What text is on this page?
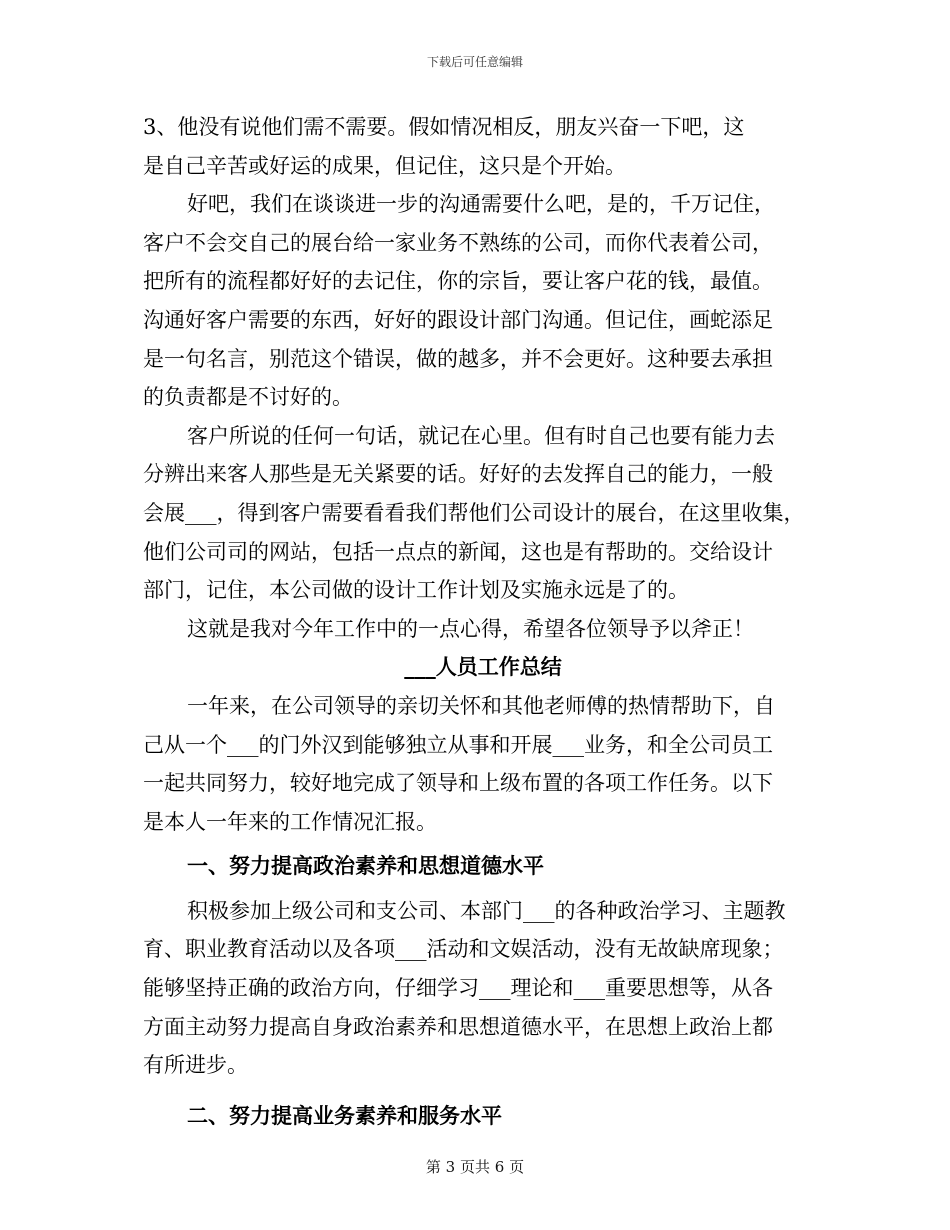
下载后可任意编辑
3、他没有说他们需不需要。假如情况相反，朋友兴奋一下吧，这
是自己辛苦或好运的成果，但记住，这只是个开始。
好吧，我们在谈谈进一步的沟通需要什么吧，是的，千万记住，
客户不会交自己的展台给一家业务不熟练的公司，而你代表着公司，
把所有的流程都好好的去记住，你的宗旨，要让客户花的钱，最值。
沟通好客户需要的东西，好好的跟设计部门沟通。但记住，画蛇添足
是一句名言，别范这个错误，做的越多，并不会更好。这种要去承担
的负责都是不讨好的。
客户所说的任何一句话，就记在心里。但有时自己也要有能力去
分辨出来客人那些是无关紧要的话。好好的去发挥自己的能力，一般
会展___，得到客户需要看看我们帮他们公司设计的展台，在这里收集，
他们公司司的网站，包括一点点的新闻，这也是有帮助的。交给设计
部门，记住，本公司做的设计工作计划及实施永远是了的。
这就是我对今年工作中的一点心得，希望各位领导予以斧正！
___人员工作总结
一年来，在公司领导的亲切关怀和其他老师傅的热情帮助下，自
己从一个___的门外汉到能够独立从事和开展___业务，和全公司员工
一起共同努力，较好地完成了领导和上级布置的各项工作任务。以下
是本人一年来的工作情况汇报。
一、努力提高政治素养和思想道德水平
积极参加上级公司和支公司、本部门___的各种政治学习、主题教
育、职业教育活动以及各项___活动和文娱活动，没有无故缺席现象；
能够坚持正确的政治方向，仔细学习___理论和___重要思想等，从各
方面主动努力提高自身政治素养和思想道德水平，在思想上政治上都
有所进步。
二、努力提高业务素养和服务水平
第 3 页共 6 页
